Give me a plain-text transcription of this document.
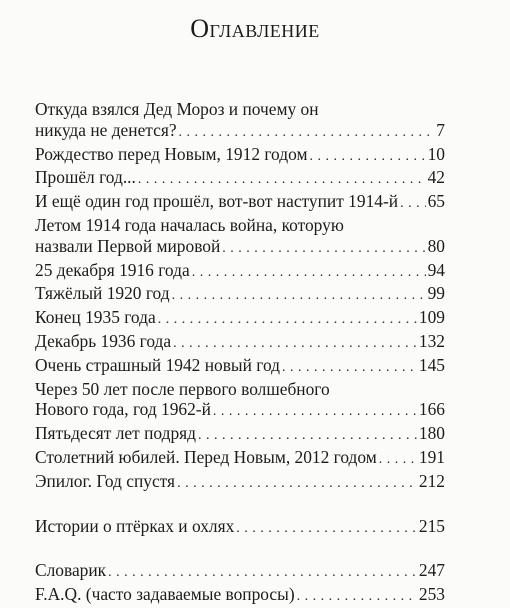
Оглавление
Откуда взялся Дед Мороз и почему он
никуда не денется? . . .	7
Рождество перед Новым, 1912 годом . . .	10
Прошёл год... . . .	42
И ещё один год прошёл, вот-вот наступит 1914-й . . . 65
Летом 1914 года началась война, которую
назвали Первой мировой . . .	80
25 декабря 1916 года . . .	94
Тяжёлый 1920 год . . .	99
Конец 1935 года . . .	109
Декабрь 1936 года . . .	132
Очень страшный 1942 новый год . . .	145
Через 50 лет после первого волшебного
Нового года, год 1962-й . . .	166
Пятьдесят лет подряд . . .	180
Столетний юбилей. Перед Новым, 2012 годом . . . 191
Эпилог. Год спустя . . .	212
Истории о птёрках и охлях . . .	215
Словарик . . .	247
F.A.Q. (часто задаваемые вопросы) . . .	253
